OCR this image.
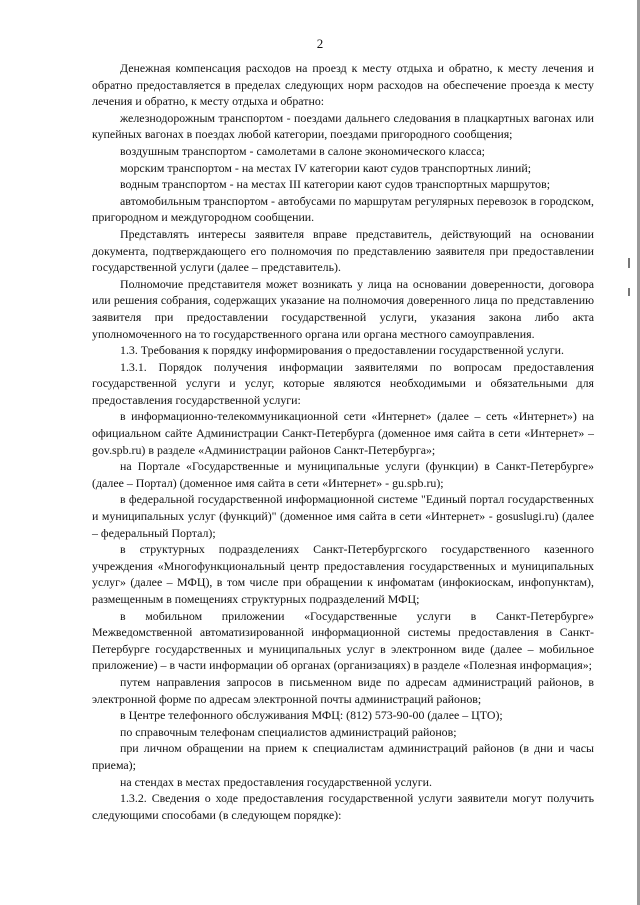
2

Денежная компенсация расходов на проезд к месту отдыха и обратно, к месту лечения и обратно предоставляется в пределах следующих норм расходов на обеспечение проезда к месту лечения и обратно, к месту отдыха и обратно:

железнодорожным транспортом - поездами дальнего следования в плацкартных вагонах или купейных вагонах в поездах любой категории, поездами пригородного сообщения;

воздушным транспортом - самолетами в салоне экономического класса;

морским транспортом - на местах IV категории кают судов транспортных линий;

водным транспортом - на местах III категории кают судов транспортных маршрутов;

автомобильным транспортом - автобусами по маршрутам регулярных перевозок в городском, пригородном и междугородном сообщении.

Представлять интересы заявителя вправе представитель, действующий на основании документа, подтверждающего его полномочия по представлению заявителя при предоставлении государственной услуги (далее – представитель).

Полномочие представителя может возникать у лица на основании доверенности, договора или решения собрания, содержащих указание на полномочия доверенного лица по представлению заявителя при предоставлении государственной услуги, указания закона либо акта уполномоченного на то государственного органа или органа местного самоуправления.

1.3. Требования к порядку информирования о предоставлении государственной услуги.

1.3.1. Порядок получения информации заявителями по вопросам предоставления государственной услуги и услуг, которые являются необходимыми и обязательными для предоставления государственной услуги:

в информационно-телекоммуникационной сети «Интернет» (далее – сеть «Интернет») на официальном сайте Администрации Санкт-Петербурга (доменное имя сайта в сети «Интернет» – gov.spb.ru) в разделе «Администрации районов Санкт-Петербурга»;

на Портале «Государственные и муниципальные услуги (функции) в Санкт-Петербурге» (далее – Портал) (доменное имя сайта в сети «Интернет» - gu.spb.ru);

в федеральной государственной информационной системе "Единый портал государственных и муниципальных услуг (функций)" (доменное имя сайта в сети «Интернет» - gosuslugi.ru) (далее – федеральный Портал);

в структурных подразделениях Санкт-Петербургского государственного казенного учреждения «Многофункциональный центр предоставления государственных и муниципальных услуг» (далее – МФЦ), в том числе при обращении к инфоматам (инфокиоскам, инфопунктам), размещенным в помещениях структурных подразделений МФЦ;

в мобильном приложении «Государственные услуги в Санкт-Петербурге» Межведомственной автоматизированной информационной системы предоставления в Санкт-Петербурге государственных и муниципальных услуг в электронном виде (далее – мобильное приложение) – в части информации об органах (организациях) в разделе «Полезная информация»;

путем направления запросов в письменном виде по адресам администраций районов, в электронной форме по адресам электронной почты администраций районов;

в Центре телефонного обслуживания МФЦ: (812) 573-90-00 (далее – ЦТО);

по справочным телефонам специалистов администраций районов;

при личном обращении на прием к специалистам администраций районов (в дни и часы приема);

на стендах в местах предоставления государственной услуги.

1.3.2. Сведения о ходе предоставления государственной услуги заявители могут получить следующими способами (в следующем порядке):
